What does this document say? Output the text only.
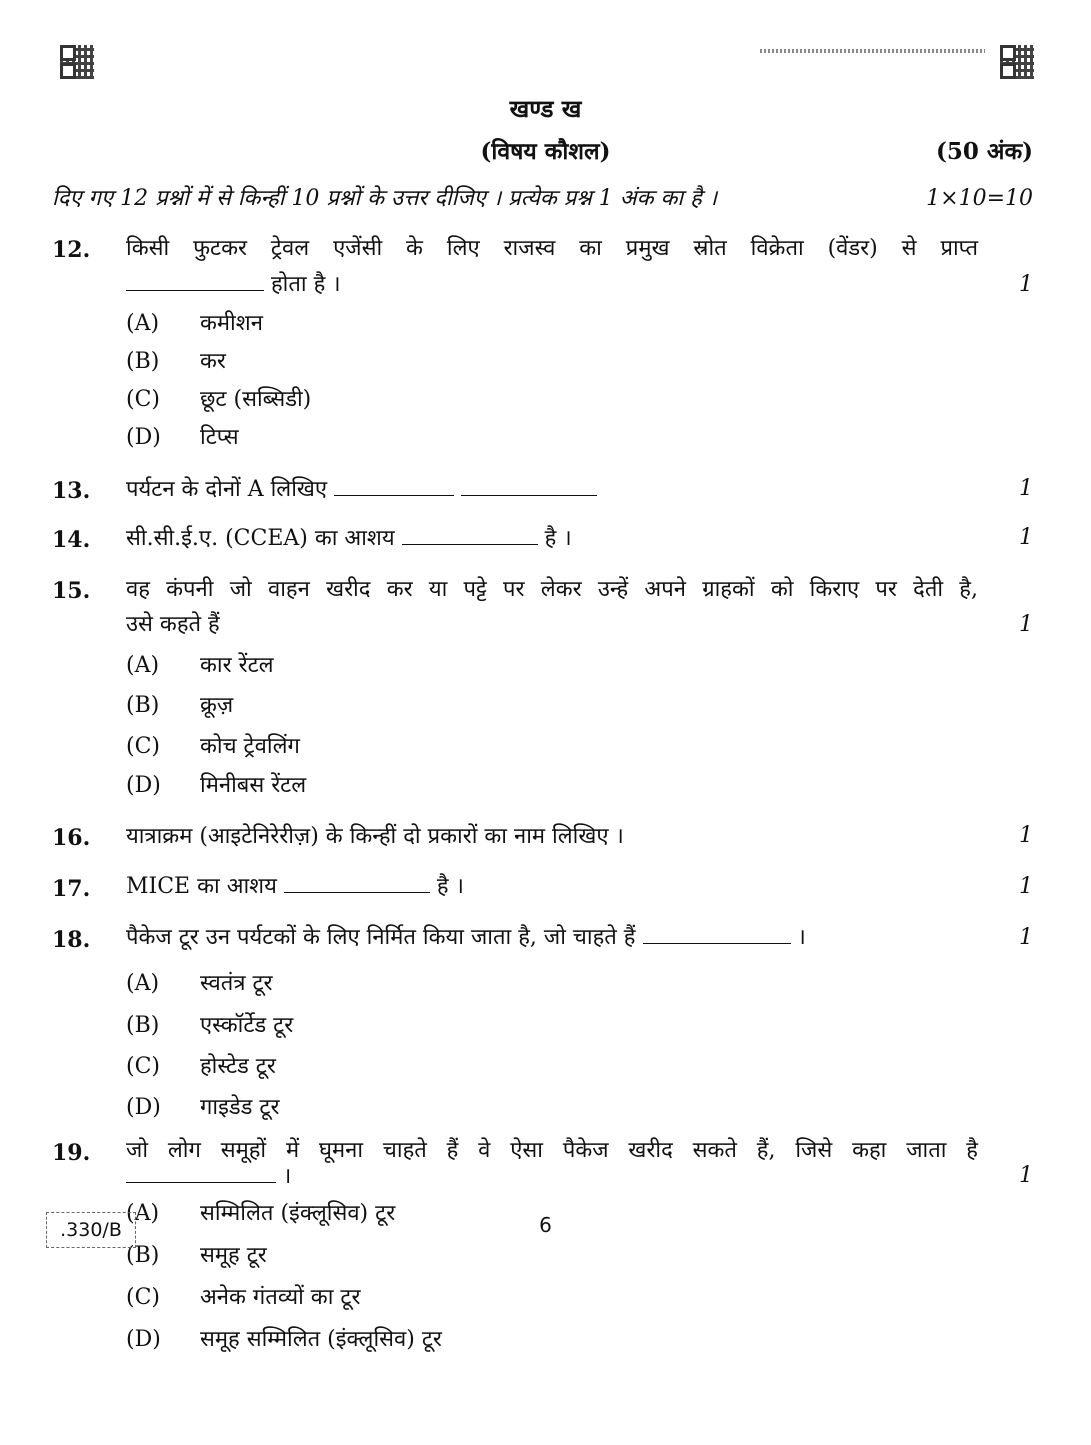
खण्ड ख
(विषय कौशल)	(50 अंक)
दिए गए 12 प्रश्नों में से किन्हीं 10 प्रश्नों के उत्तर दीजिए । प्रत्येक प्रश्न 1 अंक का है ।	1×10=10
12. किसी फुटकर ट्रेवल एजेंसी के लिए राजस्व का प्रमुख स्रोत विक्रेता (वेंडर) से प्राप्त
होता है ।	1
(A) कमीशन
(B) कर
(C) छूट (सब्सिडी)
(D) टिप्स
13. पर्यटन के दोनों A लिखिए	1
14. सी.सी.ई.ए. (CCEA) का आशय	है ।	1
15. वह कंपनी जो वाहन खरीद कर या पट्टे पर लेकर उन्हें अपने ग्राहकों को किराए पर देती है,
उसे कहते हैं	1
(A) कार रेंटल
(B) क्रूज़
(C) कोच ट्रेवलिंग
(D) मिनीबस रेंटल
16. यात्राक्रम (आइटेनिरेरीज़) के किन्हीं दो प्रकारों का नाम लिखिए ।	1
17. MICE का आशय	है ।	1
18. पैकेज टूर उन पर्यटकों के लिए निर्मित किया जाता है, जो चाहते हैं	।	1
(A) स्वतंत्र टूर
(B) एस्कॉर्टेड टूर
(C) होस्टेड टूर
(D) गाइडेड टूर
19. जो लोग समूहों में घूमना चाहते हैं वे ऐसा पैकेज खरीद सकते हैं, जिसे कहा जाता है
।	1
(A) सम्मिलित (इंक्लूसिव) टूर
(B) समूह टूर
(C) अनेक गंतव्यों का टूर
(D) समूह सम्मिलित (इंक्लूसिव) टूर
.330/B	6
